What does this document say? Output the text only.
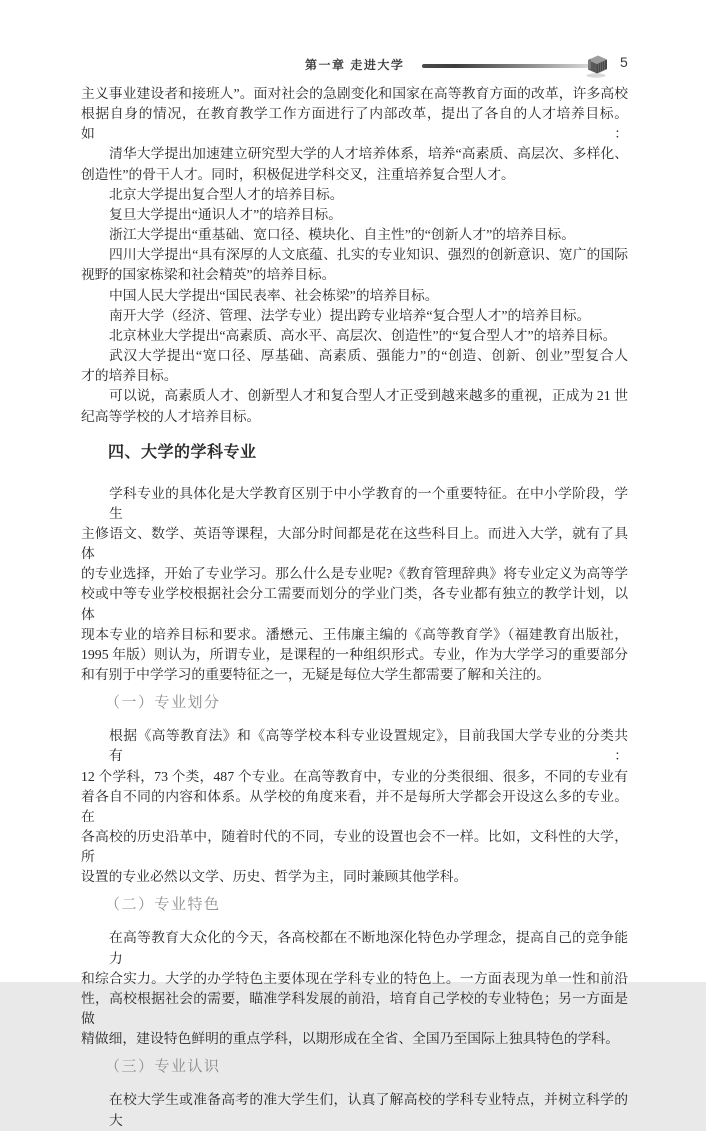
第一章 走进大学	5
主义事业建设者和接班人”。面对社会的急剧变化和国家在高等教育方面的改革，许多高校
根据自身的情况，在教育教学工作方面进行了内部改革，提出了各自的人才培养目标。如：
清华大学提出加速建立研究型大学的人才培养体系，培养“高素质、高层次、多样化、
创造性”的骨干人才。同时，积极促进学科交叉，注重培养复合型人才。
北京大学提出复合型人才的培养目标。
复旦大学提出“通识人才”的培养目标。
浙江大学提出“重基础、宽口径、模块化、自主性”的“创新人才”的培养目标。
四川大学提出“具有深厚的人文底蕴、扎实的专业知识、强烈的创新意识、宽广的国际
视野的国家栋梁和社会精英”的培养目标。
中国人民大学提出“国民表率、社会栋梁”的培养目标。
南开大学（经济、管理、法学专业）提出跨专业培养“复合型人才”的培养目标。
北京林业大学提出“高素质、高水平、高层次、创造性”的“复合型人才”的培养目标。
武汉大学提出“宽口径、厚基础、高素质、强能力”的“创造、创新、创业”型复合人
才的培养目标。
可以说，高素质人才、创新型人才和复合型人才正受到越来越多的重视，正成为 21 世
纪高等学校的人才培养目标。
四、大学的学科专业
学科专业的具体化是大学教育区别于中小学教育的一个重要特征。在中小学阶段，学生
主修语文、数学、英语等课程，大部分时间都是花在这些科目上。而进入大学，就有了具体
的专业选择，开始了专业学习。那么什么是专业呢?《教育管理辞典》将专业定义为高等学
校或中等专业学校根据社会分工需要而划分的学业门类，各专业都有独立的教学计划，以体
现本专业的培养目标和要求。潘懋元、王伟廉主编的《高等教育学》（福建教育出版社，
1995 年版）则认为，所谓专业，是课程的一种组织形式。专业，作为大学学习的重要部分
和有别于中学学习的重要特征之一，无疑是每位大学生都需要了解和关注的。
（一）专业划分
根据《高等教育法》和《高等学校本科专业设置规定》，目前我国大学专业的分类共有：
12 个学科，73 个类，487 个专业。在高等教育中，专业的分类很细、很多，不同的专业有
着各自不同的内容和体系。从学校的角度来看，并不是每所大学都会开设这么多的专业。在
各高校的历史沿革中，随着时代的不同，专业的设置也会不一样。比如，文科性的大学，所
设置的专业必然以文学、历史、哲学为主，同时兼顾其他学科。
（二）专业特色
在高等教育大众化的今天，各高校都在不断地深化特色办学理念，提高自己的竞争能力
和综合实力。大学的办学特色主要体现在学科专业的特色上。一方面表现为单一性和前沿
性，高校根据社会的需要，瞄准学科发展的前沿，培育自己学校的专业特色；另一方面是做
精做细，建设特色鲜明的重点学科，以期形成在全省、全国乃至国际上独具特色的学科。
（三）专业认识
在校大学生或准备高考的准大学生们，认真了解高校的学科专业特点，并树立科学的大
